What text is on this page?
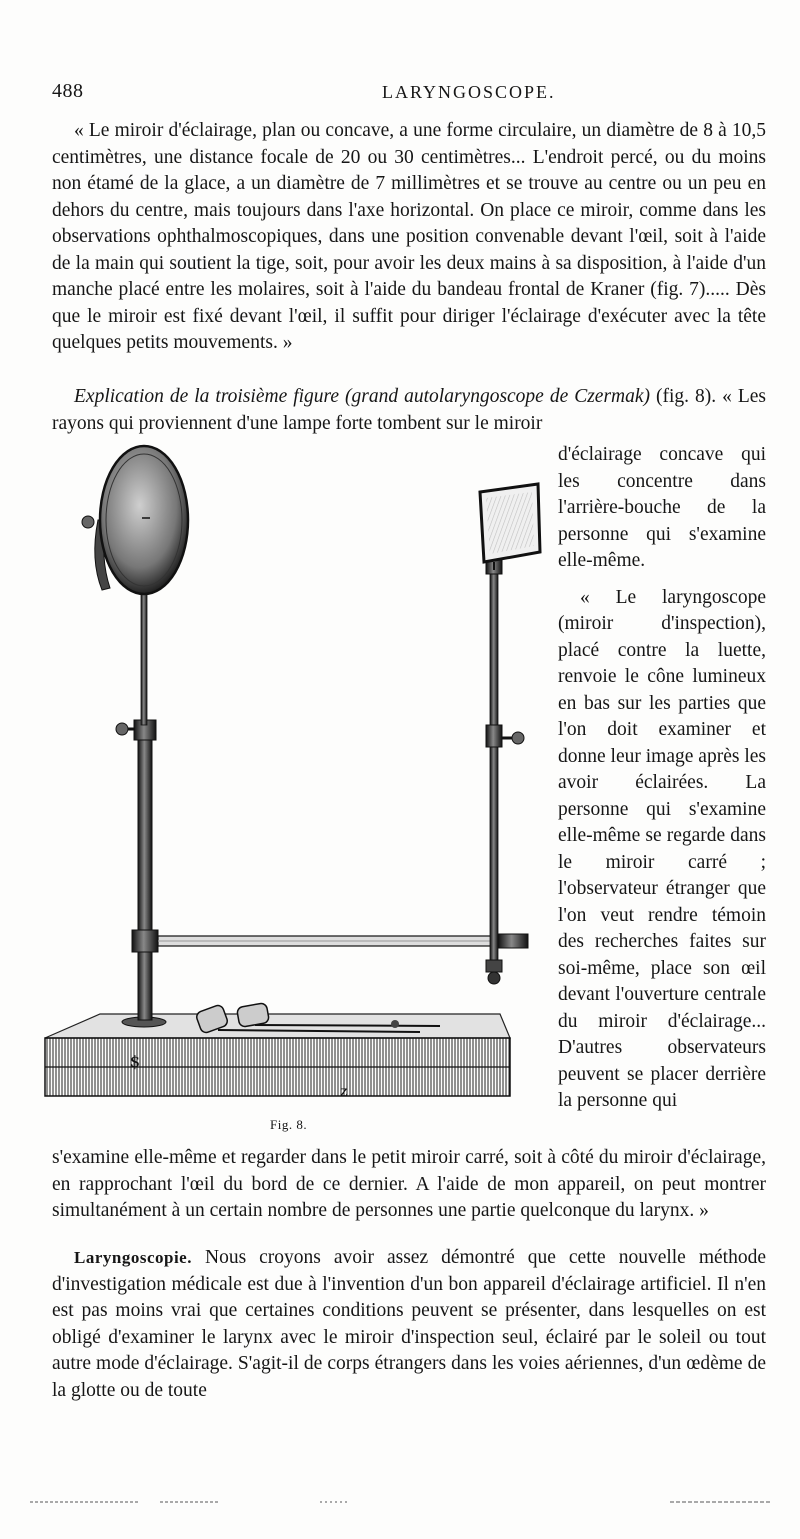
488	LARYNGOSCOPE.

« Le miroir d'éclairage, plan ou concave, a une forme circulaire, un diamètre de 8 à 10,5 centimètres, une distance focale de 20 ou 30 centimètres... L'endroit percé, ou du moins non étamé de la glace, a un diamètre de 7 millimètres et se trouve au centre ou un peu en dehors du centre, mais toujours dans l'axe horizontal. On place ce miroir, comme dans les observations ophthalmoscopiques, dans une position convenable devant l'œil, soit à l'aide de la main qui soutient la tige, soit, pour avoir les deux mains à sa disposition, à l'aide d'un manche placé entre les molaires, soit à l'aide du bandeau frontal de Kraner (fig. 7)..... Dès que le miroir est fixé devant l'œil, il suffit pour diriger l'éclairage d'exécuter avec la tête quelques petits mouvements. »

Explication de la troisième figure (grand autolaryngoscope de Czermak) (fig. 8). « Les rayons qui proviennent d'une lampe forte tombent sur le miroir

$
z
Fig. 8.

d'éclairage concave qui les concentre dans l'arrière-bouche de la personne qui s'examine elle-même.

« Le laryngoscope (miroir d'inspection), placé contre la luette, renvoie le cône lumineux en bas sur les parties que l'on doit examiner et donne leur image après les avoir éclairées. La personne qui s'examine elle-même se regarde dans le miroir carré ; l'observateur étranger que l'on veut rendre témoin des recherches faites sur soi-même, place son œil devant l'ouverture centrale du miroir d'éclairage... D'autres observateurs peuvent se placer derrière la personne qui

s'examine elle-même et regarder dans le petit miroir carré, soit à côté du miroir d'éclairage, en rapprochant l'œil du bord de ce dernier. A l'aide de mon appareil, on peut montrer simultanément à un certain nombre de personnes une partie quelconque du larynx. »

Laryngoscopie. Nous croyons avoir assez démontré que cette nouvelle méthode d'investigation médicale est due à l'invention d'un bon appareil d'éclairage artificiel. Il n'en est pas moins vrai que certaines conditions peuvent se présenter, dans lesquelles on est obligé d'examiner le larynx avec le miroir d'inspection seul, éclairé par le soleil ou tout autre mode d'éclairage. S'agit-il de corps étrangers dans les voies aériennes, d'un œdème de la glotte ou de toute
